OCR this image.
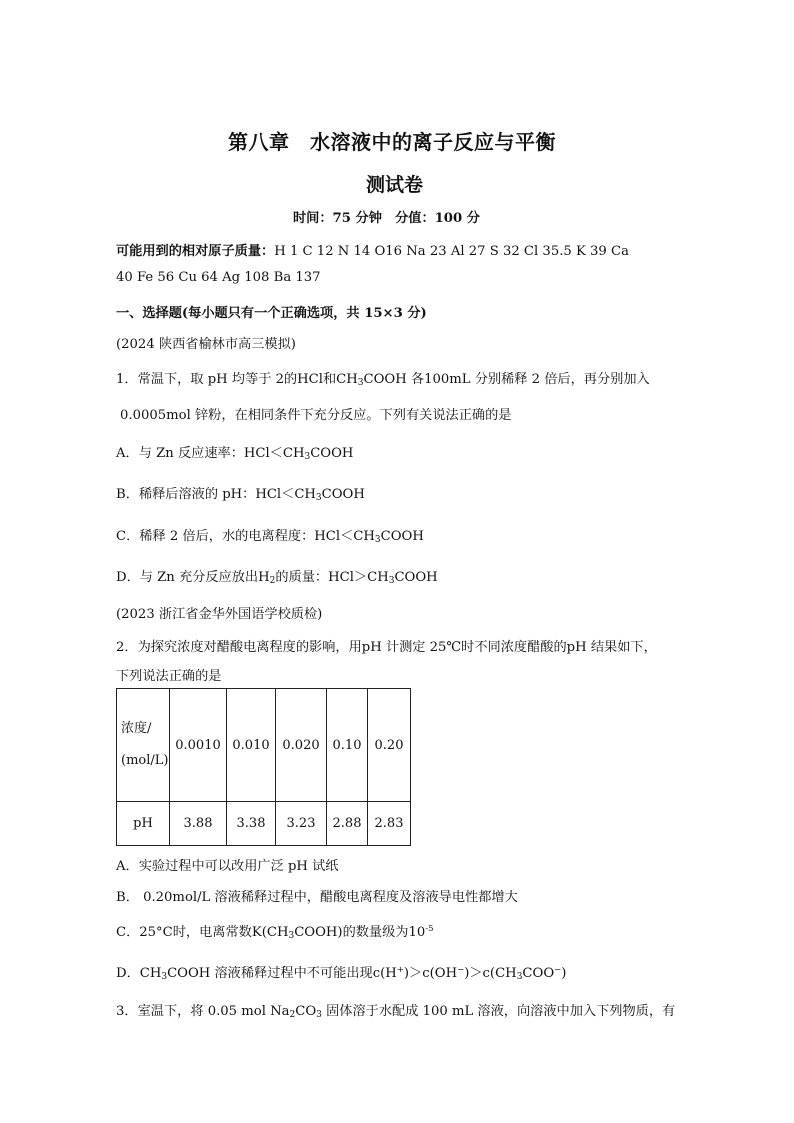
第八章　水溶液中的离子反应与平衡
测试卷
时间：75 分钟　分值：100 分
可能用到的相对原子质量：H 1 C 12 N 14 O16 Na 23 Al 27 S 32 Cl 35.5 K 39 Ca
40 Fe 56 Cu 64 Ag 108 Ba 137
一、选择题(每小题只有一个正确选项，共 15×3 分)
(2024 陕西省榆林市高三模拟)
1．常温下，取 pH 均等于 2的HCl和$CH_3COOH$ 各100mL 分别稀释 2 倍后，再分别加入
0.0005mol 锌粉，在相同条件下充分反应。下列有关说法正确的是
A．与 Zn 反应速率：$HCl<CH_3COOH$
B．稀释后溶液的 pH：$HCl<CH_3COOH$
C．稀释 2 倍后，水的电离程度：$HCl<CH_3COOH$
D．与 Zn 充分反应放出$H_2$的质量：$HCl>CH_3COOH$
(2023 浙江省金华外国语学校质检)
2．为探究浓度对醋酸电离程度的影响，用pH 计测定 25℃时不同浓度醋酸的pH 结果如下，
下列说法正确的是
浓度/
(mol/L)	0.0010	0.010	0.020	0.10	0.20
pH	3.88	3.38	3.23	2.88	2.83
A．实验过程中可以改用广泛 pH 试纸
B． 0.20mol/L 溶液稀释过程中，醋酸电离程度及溶液导电性都增大
C．25°C时，电离常数$K(CH_3COOH)$的数量级为$10^{-5}$
D．$CH_3COOH$ 溶液稀释过程中不可能出现$c(H^+)>c(OH^-)>c(CH_3COO^-)$
3．室温下，将 0.05 mol $Na_2CO_3$ 固体溶于水配成 100 mL 溶液，向溶液中加入下列物质，有
